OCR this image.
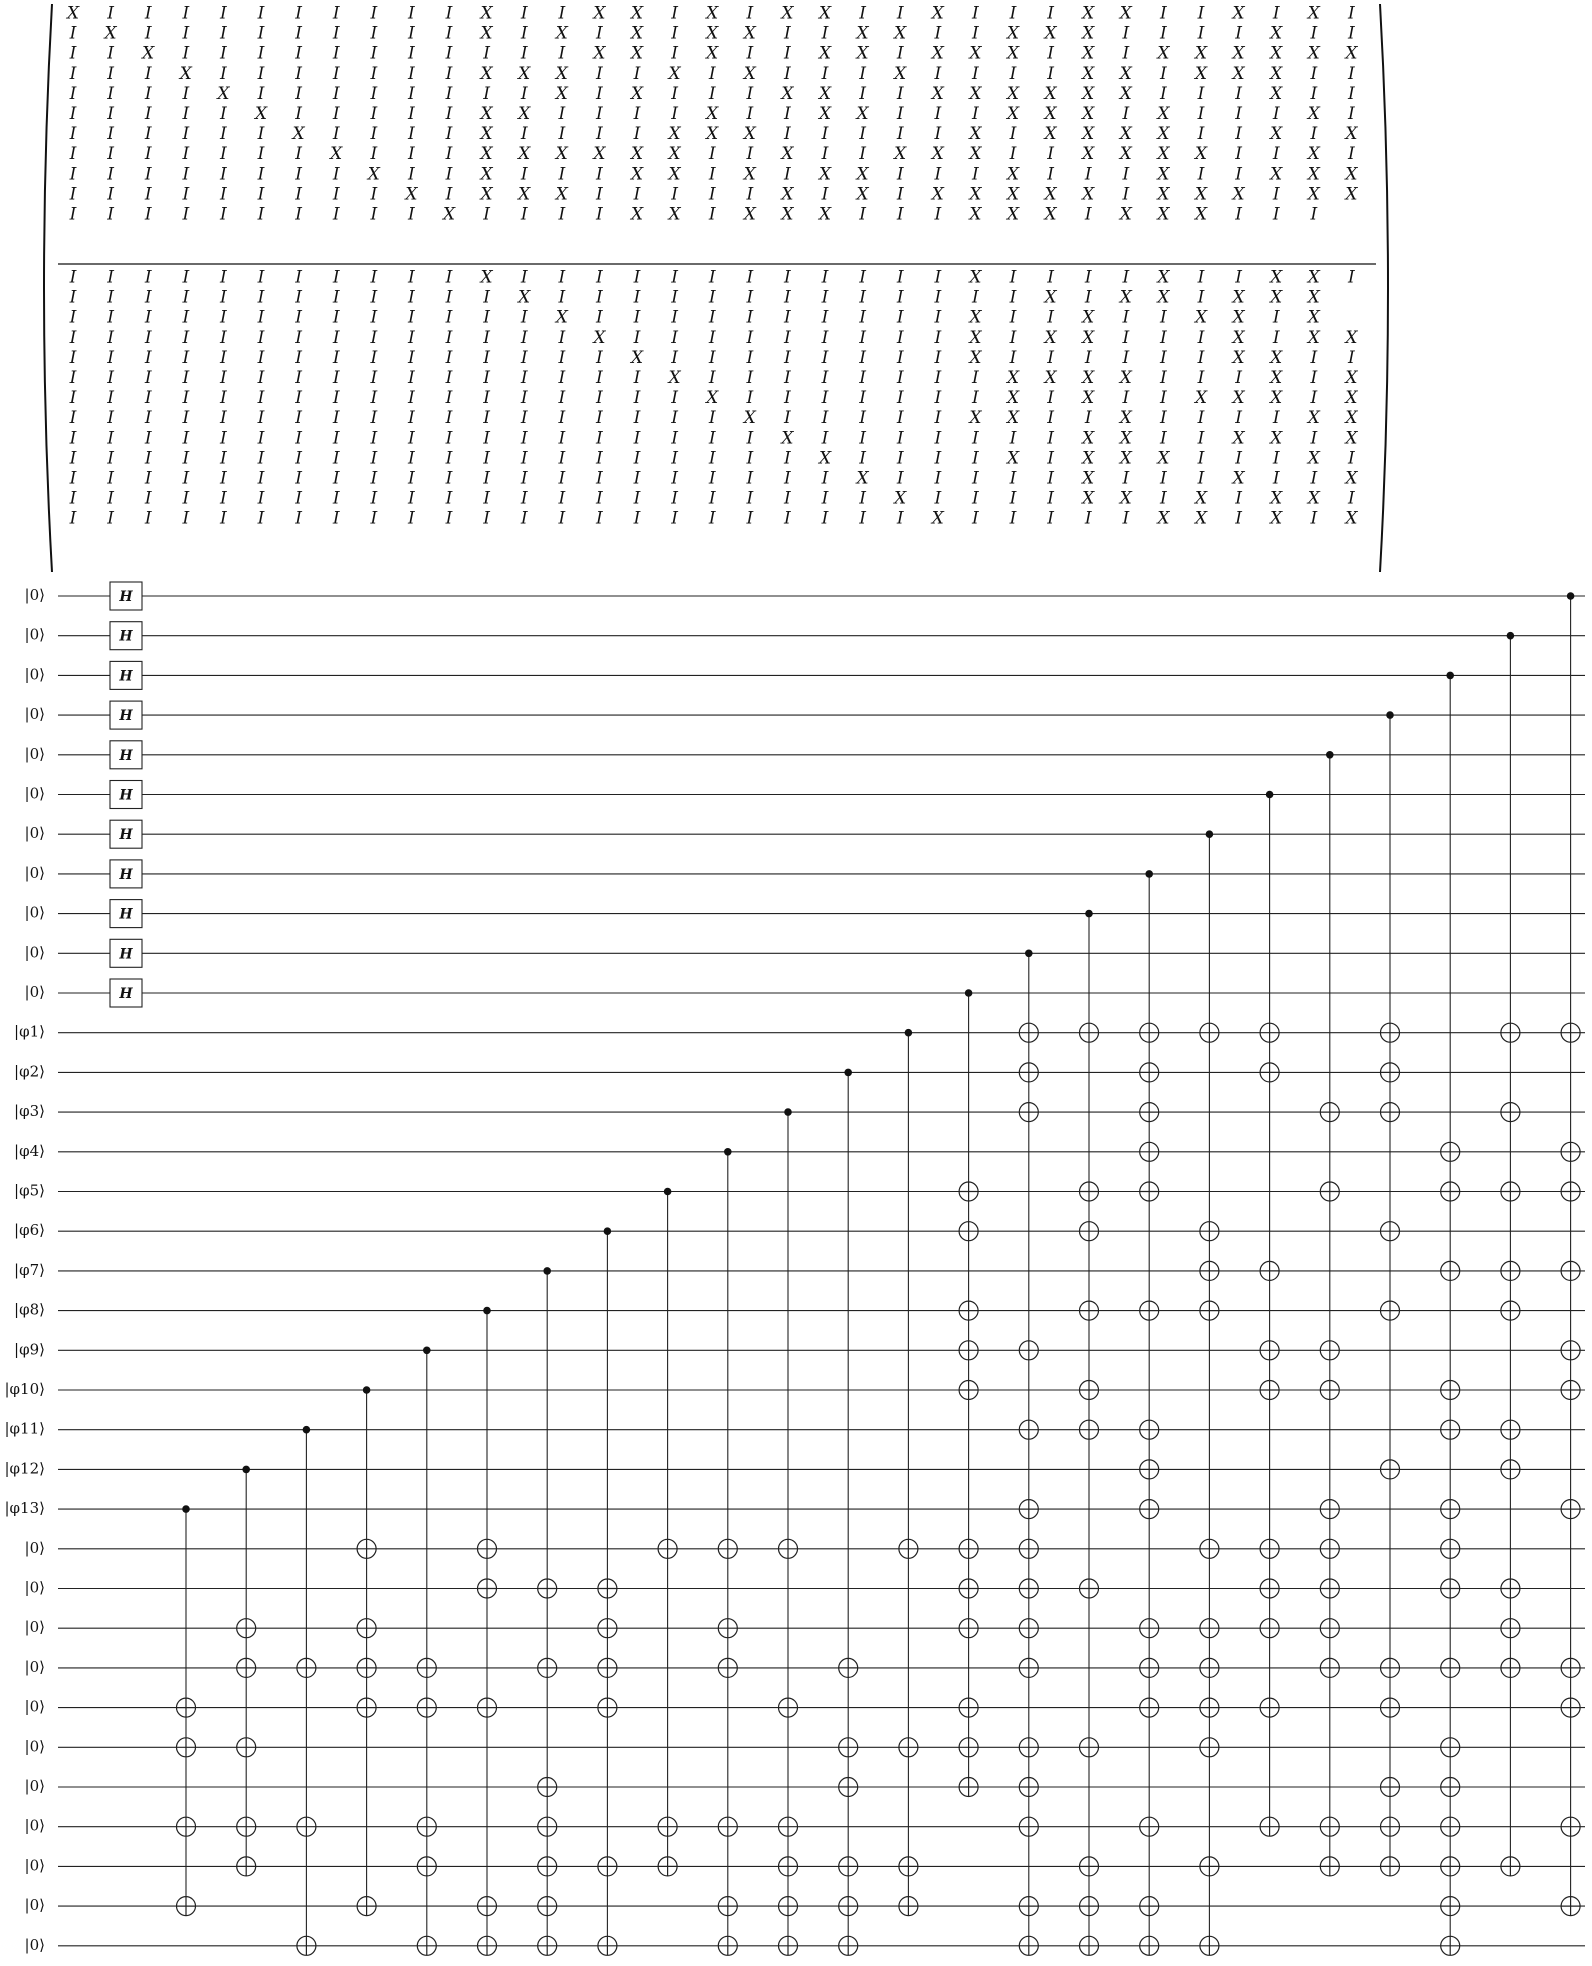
X I I I I I I I I I I X I I X X I X I X X I I X I I I X X I I X I X I
I X I I I I I I I I I X I X I X I X X I I X X I I X X X I I I I X I I
I I X I I I I I I I I I I I X X I X I I X X I X X X I X I X X X X X X
I I I X I I I I I I I X X X I I X I X I I I X I I I I X X I X X X I I
I I I I X I I I I I I I I X I X I I I X X I I X X X X X X I I I X I I
I I I I I X I I I I I X X I I I I X I I X X I I I X X X I X I I I X I
I I I I I I X I I I I X I I I I X X X I I I I I X I X X X X I I X I X
I I I I I I I X I I I X X X X X X I I X I I X X X I I X X X X I I X I
I I I I I I I I X I I X I I I X X I X I X X I I I X I I I X I I X X X
I I I I I I I I I X I X X X I I I I I X I X I X X X X X I X X X I X X
I I I I I I I I I I X I I I I X X I X X X I I I X X X I X X X I I I
I I I I I I I I I I I X I I I I I I I I I I I I X I I I I X I I X X I
I I I I I I I I I I I I X I I I I I I I I I I I I I X I X X I X X X
I I I I I I I I I I I I I X I I I I I I I I I I X I I X I I X X I X
I I I I I I I I I I I I I I X I I I I I I I I I X I X X I I I X I X X
I I I I I I I I I I I I I I I X I I I I I I I I X I I I I I I X X I I
I I I I I I I I I I I I I I I I X I I I I I I I I X X X X I I I X I X
I I I I I I I I I I I I I I I I I X I I I I I I I X I X I I X X X I X
I I I I I I I I I I I I I I I I I I X I I I I I X X I I X I I I I X X
I I I I I I I I I I I I I I I I I I I X I I I I I I I X X I I X X I X
I I I I I I I I I I I I I I I I I I I I X I I I I X I X X X I I I X I
I I I I I I I I I I I I I I I I I I I I I X I I I I I X I I I X I I X
I I I I I I I I I I I I I I I I I I I I I I X I I I I X X I X I X X I
I I I I I I I I I I I I I I I I I I I I I I I X I I I I I X X I X I X
|0⟩
|0⟩
|0⟩
|0⟩
|0⟩
|0⟩
|0⟩
|0⟩
|0⟩
|0⟩
|0⟩
|φ1⟩
|φ2⟩
|φ3⟩
|φ4⟩
|φ5⟩
|φ6⟩
|φ7⟩
|φ8⟩
|φ9⟩
|φ10⟩
|φ11⟩
|φ12⟩
|φ13⟩
|0⟩
|0⟩
|0⟩
|0⟩
|0⟩
|0⟩
|0⟩
|0⟩
|0⟩
|0⟩
|0⟩
H
H
H
H
H
H
H
H
H
H
H
